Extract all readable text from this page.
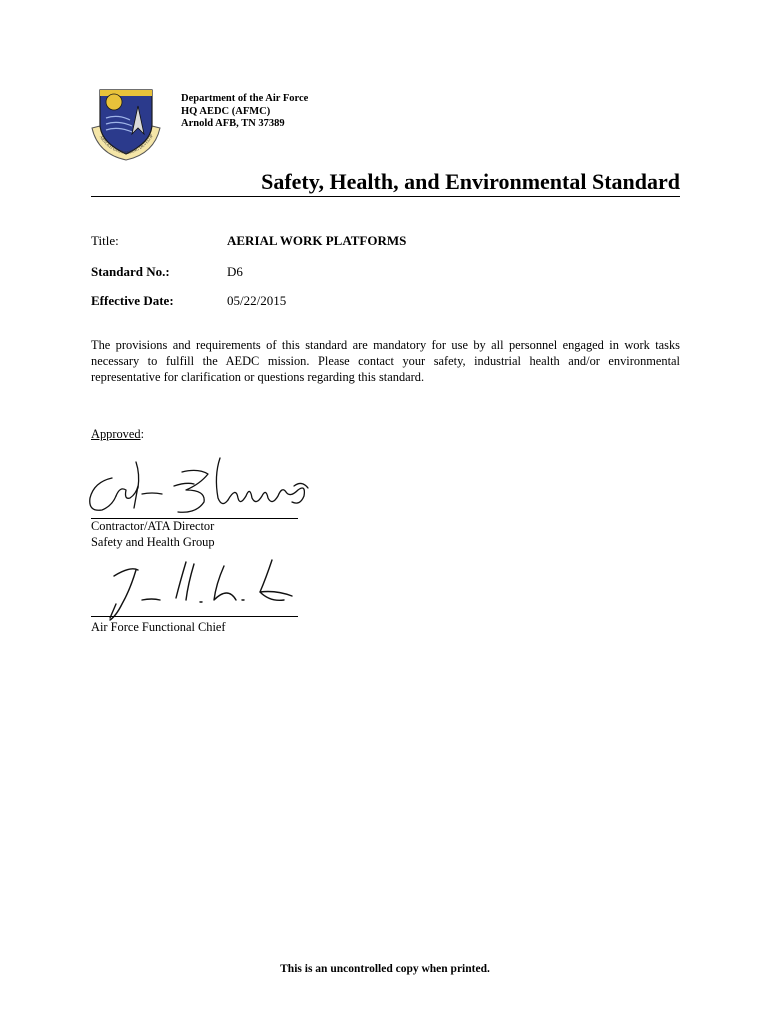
ARNOLD ENGINEERING DEVELOP
Department of the Air Force
HQ AEDC (AFMC)
Arnold AFB, TN 37389
Safety, Health, and Environmental Standard
Title:	AERIAL WORK PLATFORMS
Standard No.:	D6
Effective Date:	05/22/2015
The provisions and requirements of this standard are mandatory for use by all personnel engaged in work tasks necessary to fulfill the AEDC mission. Please contact your safety, industrial health and/or environmental representative for clarification or questions regarding this standard.
Approved:
Contractor/ATA Director
Safety and Health Group
Air Force Functional Chief
This is an uncontrolled copy when printed.
